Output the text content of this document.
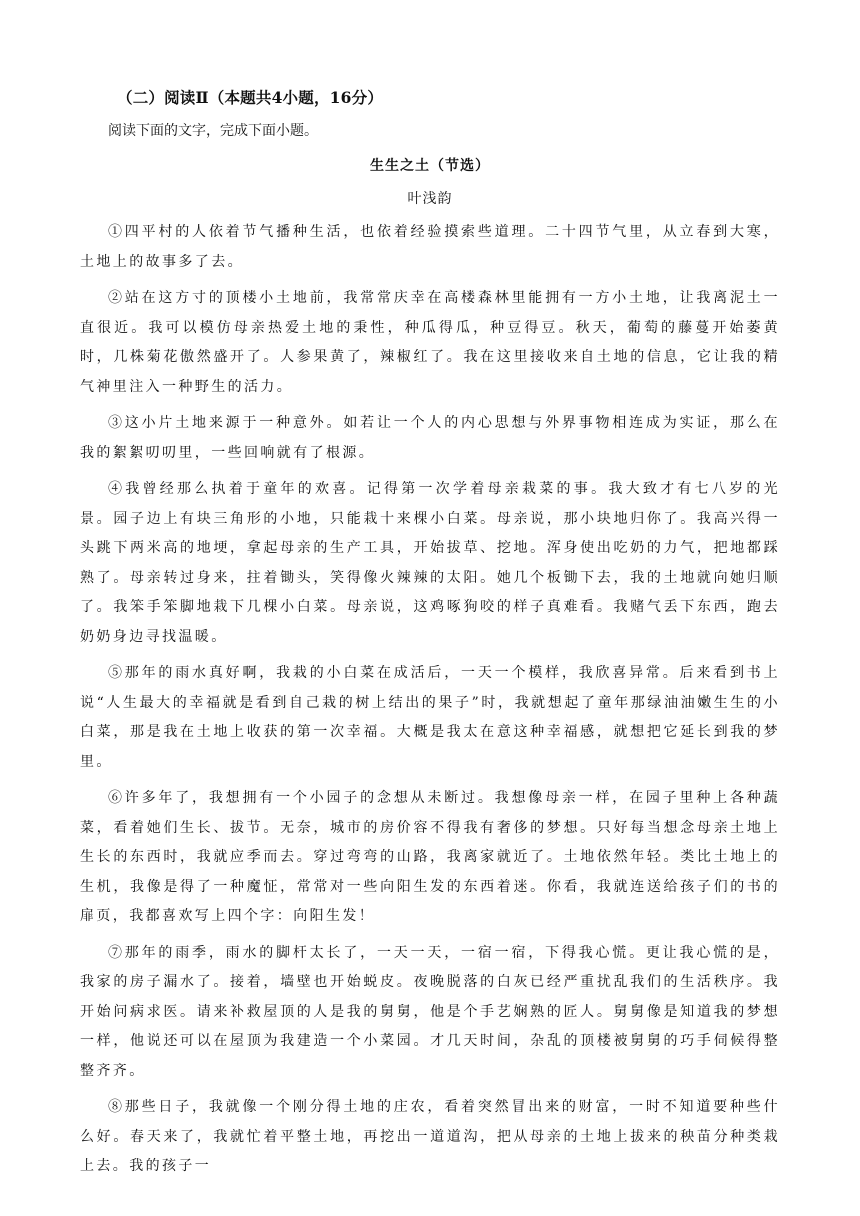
（二）阅读Ⅱ（本题共4小题，16分）
阅读下面的文字，完成下面小题。
生生之土（节选）
叶浅韵

①四平村的人依着节气播种生活，也依着经验摸索些道理。二十四节气里，从立春到大寒，土地上的故事多了去。

②站在这方寸的顶楼小土地前，我常常庆幸在高楼森林里能拥有一方小土地，让我离泥土一直很近。我可以模仿母亲热爱土地的秉性，种瓜得瓜，种豆得豆。秋天，葡萄的藤蔓开始萎黄时，几株菊花傲然盛开了。人参果黄了，辣椒红了。我在这里接收来自土地的信息，它让我的精气神里注入一种野生的活力。

③这小片土地来源于一种意外。如若让一个人的内心思想与外界事物相连成为实证，那么在我的絮絮叨叨里，一些回响就有了根源。

④我曾经那么执着于童年的欢喜。记得第一次学着母亲栽菜的事。我大致才有七八岁的光景。园子边上有块三角形的小地，只能栽十来棵小白菜。母亲说，那小块地归你了。我高兴得一头跳下两米高的地埂，拿起母亲的生产工具，开始拔草、挖地。浑身使出吃奶的力气，把地都踩熟了。母亲转过身来，拄着锄头，笑得像火辣辣的太阳。她几个板锄下去，我的土地就向她归顺了。我笨手笨脚地栽下几棵小白菜。母亲说，这鸡啄狗咬的样子真难看。我赌气丢下东西，跑去奶奶身边寻找温暖。

⑤那年的雨水真好啊，我栽的小白菜在成活后，一天一个模样，我欣喜异常。后来看到书上说“人生最大的幸福就是看到自己栽的树上结出的果子”时，我就想起了童年那绿油油嫩生生的小白菜，那是我在土地上收获的第一次幸福。大概是我太在意这种幸福感，就想把它延长到我的梦里。

⑥许多年了，我想拥有一个小园子的念想从未断过。我想像母亲一样，在园子里种上各种蔬菜，看着她们生长、拔节。无奈，城市的房价容不得我有奢侈的梦想。只好每当想念母亲土地上生长的东西时，我就应季而去。穿过弯弯的山路，我离家就近了。土地依然年轻。类比土地上的生机，我像是得了一种魔怔，常常对一些向阳生发的东西着迷。你看，我就连送给孩子们的书的扉页，我都喜欢写上四个字：向阳生发！

⑦那年的雨季，雨水的脚杆太长了，一天一天，一宿一宿，下得我心慌。更让我心慌的是，我家的房子漏水了。接着，墙壁也开始蜕皮。夜晚脱落的白灰已经严重扰乱我们的生活秩序。我开始问病求医。请来补救屋顶的人是我的舅舅，他是个手艺娴熟的匠人。舅舅像是知道我的梦想一样，他说还可以在屋顶为我建造一个小菜园。才几天时间，杂乱的顶楼被舅舅的巧手伺候得整整齐齐。

⑧那些日子，我就像一个刚分得土地的庄农，看着突然冒出来的财富，一时不知道要种些什么好。春天来了，我就忙着平整土地，再挖出一道道沟，把从母亲的土地上拔来的秧苗分种类栽上去。我的孩子一
